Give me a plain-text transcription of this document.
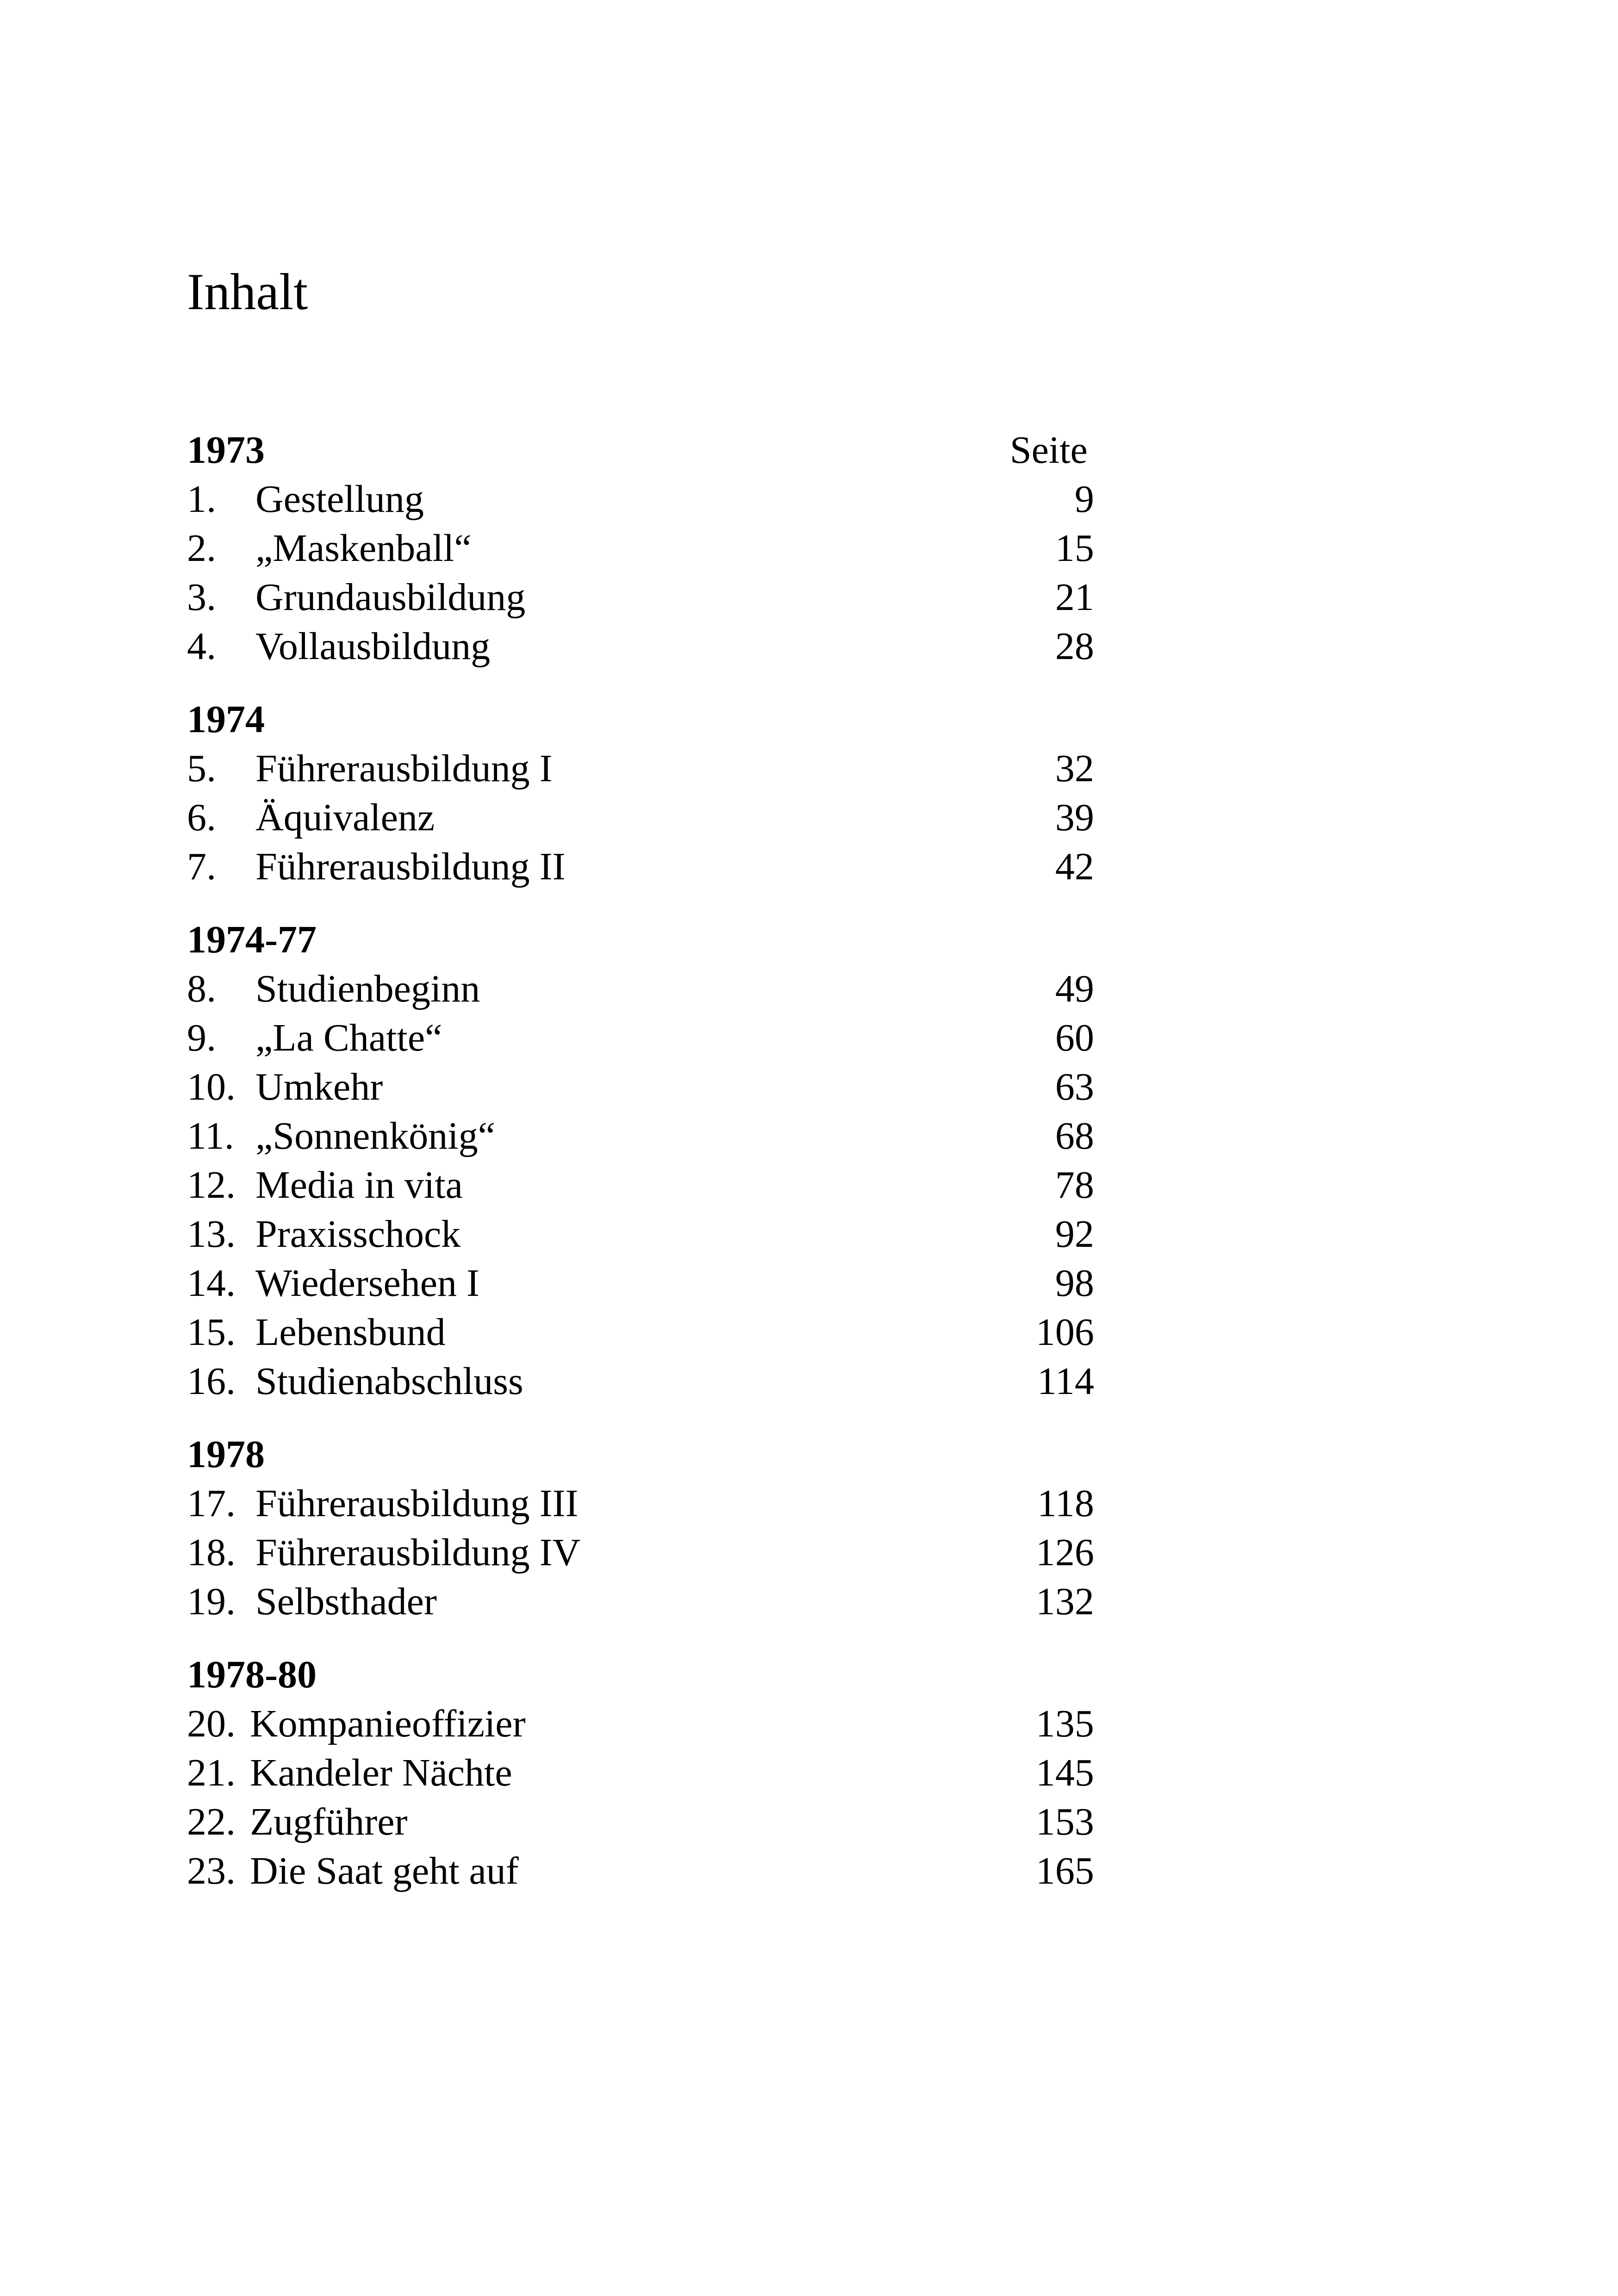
Inhalt
1973	Seite
1. Gestellung	9
2. „Maskenball“	15
3. Grundausbildung	21
4. Vollausbildung	28
1974
5. Führerausbildung I	32
6. Äquivalenz	39
7. Führerausbildung II	42
1974-77
8. Studienbeginn	49
9. „La Chatte“	60
10. Umkehr	63
11. „Sonnenkönig“	68
12. Media in vita	78
13. Praxisschock	92
14. Wiedersehen I	98
15. Lebensbund	106
16. Studienabschluss	114
1978
17. Führerausbildung III	118
18. Führerausbildung IV	126
19. Selbsthader	132
1978-80
20. Kompanieoffizier	135
21. Kandeler Nächte	145
22. Zugführer	153
23. Die Saat geht auf	165
